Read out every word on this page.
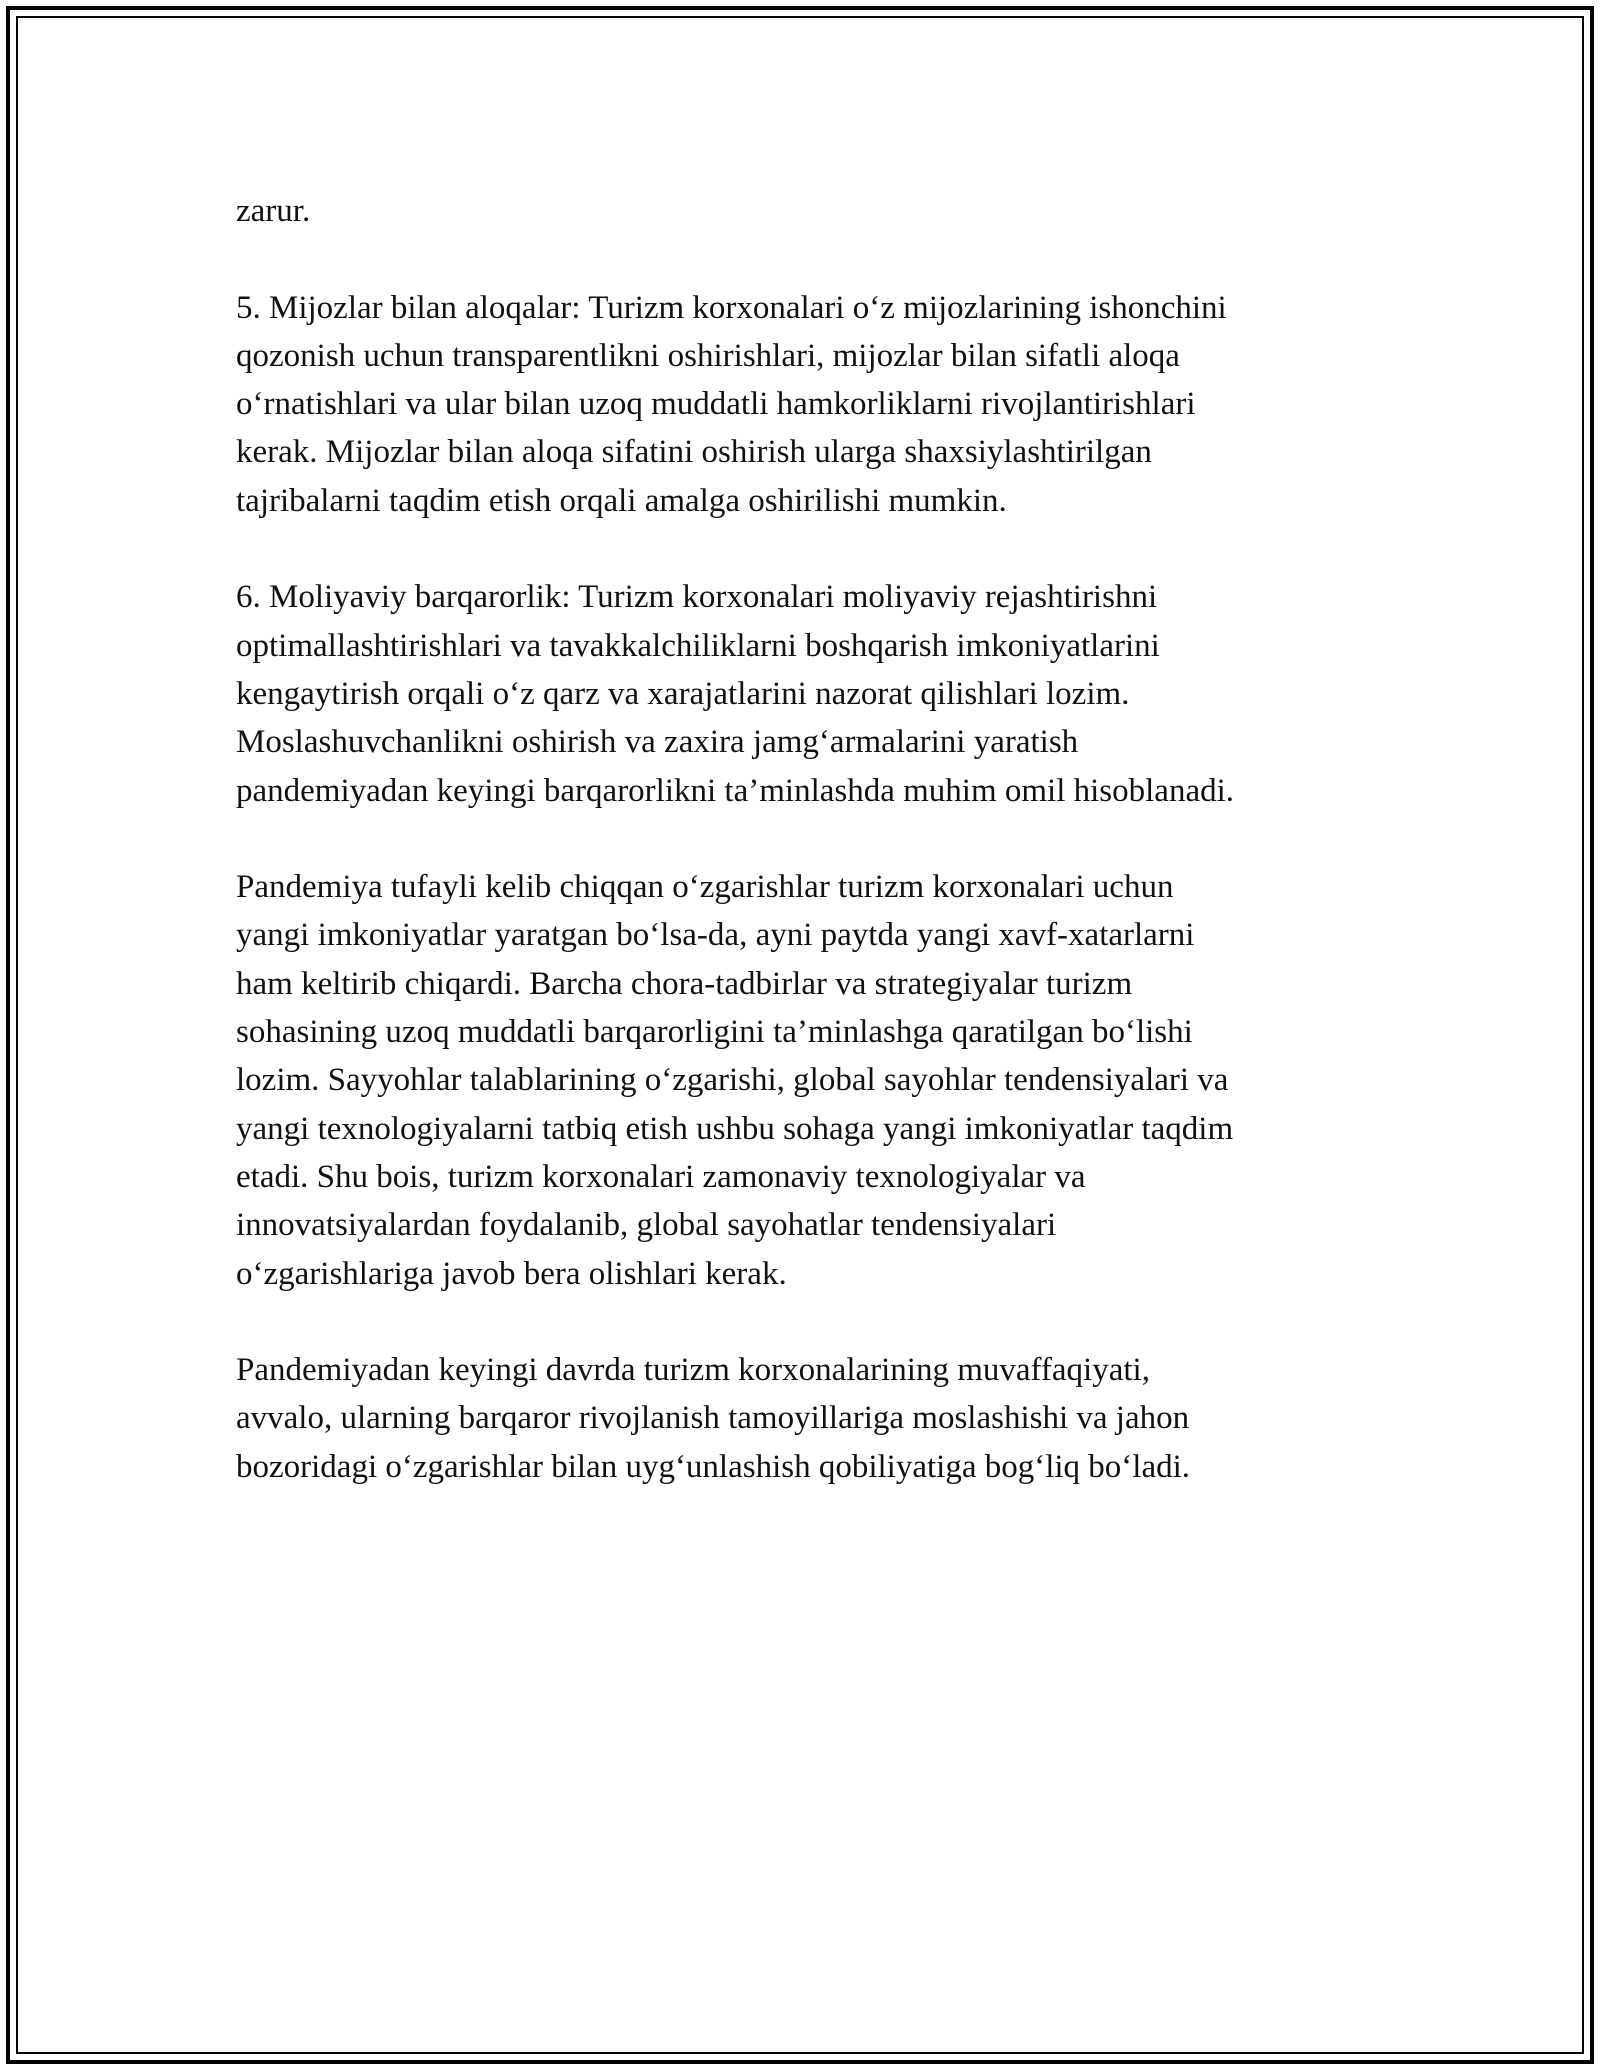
zarur.

5. Mijozlar bilan aloqalar: Turizm korxonalari o‘z mijozlarining ishonchini
qozonish uchun transparentlikni oshirishlari, mijozlar bilan sifatli aloqa
o‘rnatishlari va ular bilan uzoq muddatli hamkorliklarni rivojlantirishlari
kerak. Mijozlar bilan aloqa sifatini oshirish ularga shaxsiylashtirilgan
tajribalarni taqdim etish orqali amalga oshirilishi mumkin.

6. Moliyaviy barqarorlik: Turizm korxonalari moliyaviy rejashtirishni
optimallashtirishlari va tavakkalchiliklarni boshqarish imkoniyatlarini
kengaytirish orqali o‘z qarz va xarajatlarini nazorat qilishlari lozim.
Moslashuvchanlikni oshirish va zaxira jamg‘armalarini yaratish
pandemiyadan keyingi barqarorlikni ta’minlashda muhim omil hisoblanadi.

Pandemiya tufayli kelib chiqqan o‘zgarishlar turizm korxonalari uchun
yangi imkoniyatlar yaratgan bo‘lsa-da, ayni paytda yangi xavf-xatarlarni
ham keltirib chiqardi. Barcha chora-tadbirlar va strategiyalar turizm
sohasining uzoq muddatli barqarorligini ta’minlashga qaratilgan bo‘lishi
lozim. Sayyohlar talablarining o‘zgarishi, global sayohlar tendensiyalari va
yangi texnologiyalarni tatbiq etish ushbu sohaga yangi imkoniyatlar taqdim
etadi. Shu bois, turizm korxonalari zamonaviy texnologiyalar va
innovatsiyalardan foydalanib, global sayohatlar tendensiyalari
o‘zgarishlariga javob bera olishlari kerak.

Pandemiyadan keyingi davrda turizm korxonalarining muvaffaqiyati,
avvalo, ularning barqaror rivojlanish tamoyillariga moslashishi va jahon
bozoridagi o‘zgarishlar bilan uyg‘unlashish qobiliyatiga bog‘liq bo‘ladi.
